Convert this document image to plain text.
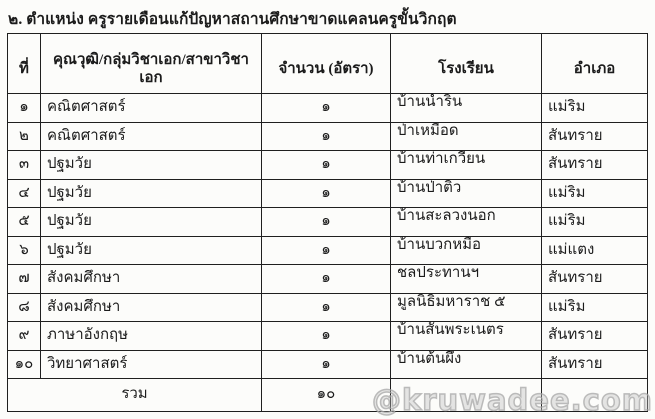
๒. ตำแหน่ง ครูรายเดือนแก้ปัญหาสถานศึกษาขาดแคลนครูขั้นวิกฤต
ที่	คุณวุฒิ/กลุ่มวิชาเอก/สาขาวิชาเอก	จำนวน (อัตรา)	โรงเรียน	อำเภอ
๑	คณิตศาสตร์	๑	บ้านน้ำริน	แม่ริม
๒	คณิตศาสตร์	๑	ป่าเหมือด	สันทราย
๓	ปฐมวัย	๑	บ้านท่าเกวียน	สันทราย
๔	ปฐมวัย	๑	บ้านป่าติ้ว	แม่ริม
๕	ปฐมวัย	๑	บ้านสะลวงนอก	แม่ริม
๖	ปฐมวัย	๑	บ้านบวกหมื้อ	แม่แตง
๗	สังคมศึกษา	๑	ชลประทานฯ	สันทราย
๘	สังคมศึกษา	๑	มูลนิธิมหาราช ๕	แม่ริม
๙	ภาษาอังกฤษ	๑	บ้านสันพระเนตร	สันทราย
๑๐	วิทยาศาสตร์	๑	บ้านต้นผึ้ง	สันทราย
รวม		๑๐		@kruwadee.com
